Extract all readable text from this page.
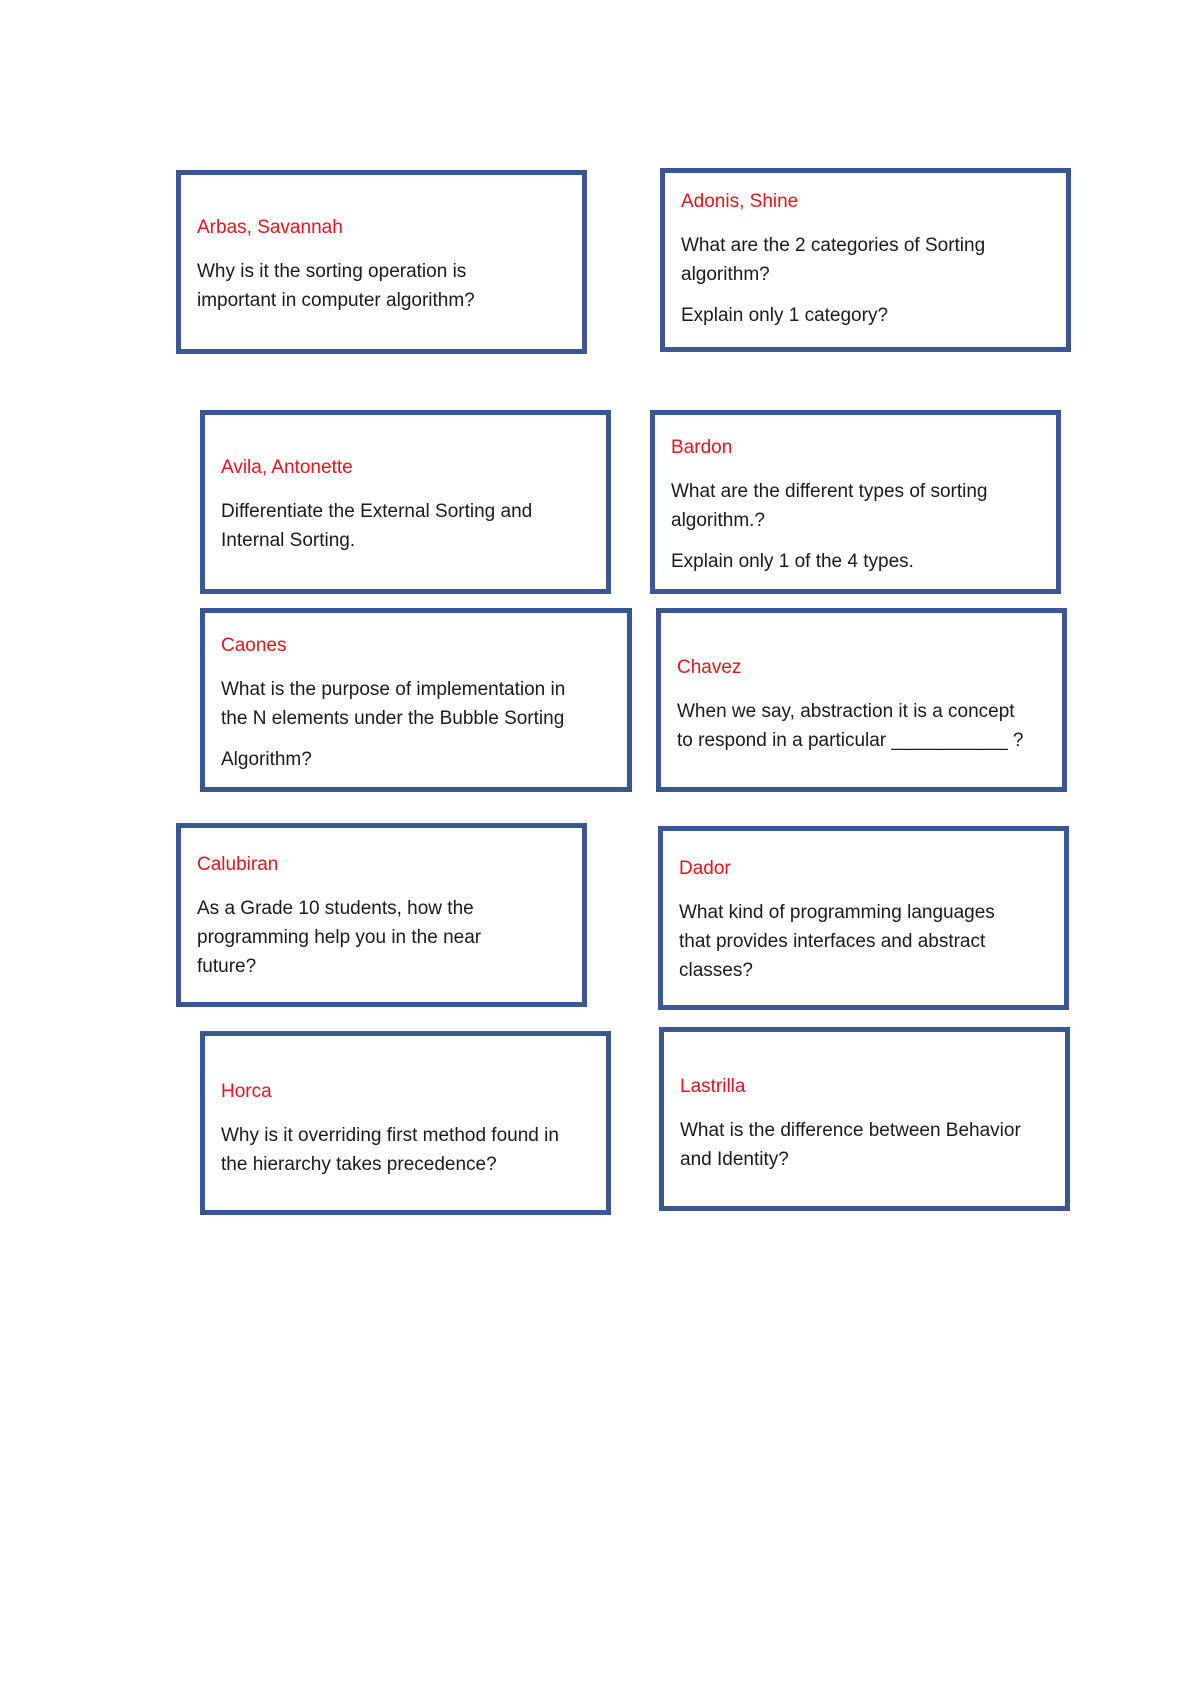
Arbas, Savannah

Why is it the sorting operation is

important in computer algorithm?

Adonis, Shine

What are the 2 categories of Sorting

algorithm?

Explain only 1 category?

Avila, Antonette

Differentiate the External Sorting and

Internal Sorting.

Bardon

What are the different types of sorting

algorithm.?

Explain only 1 of the 4 types.

Caones

What is the purpose of implementation in

the N elements under the Bubble Sorting

Algorithm?

Chavez

When we say, abstraction it is a concept

to respond in a particular ___________ ?

Calubiran

As a Grade 10 students, how the

programming help you in the near

future?

Dador

What kind of programming languages

that provides interfaces and abstract

classes?

Horca

Why is it overriding first method found in

the hierarchy takes precedence?

Lastrilla

What is the difference between Behavior

and Identity?
